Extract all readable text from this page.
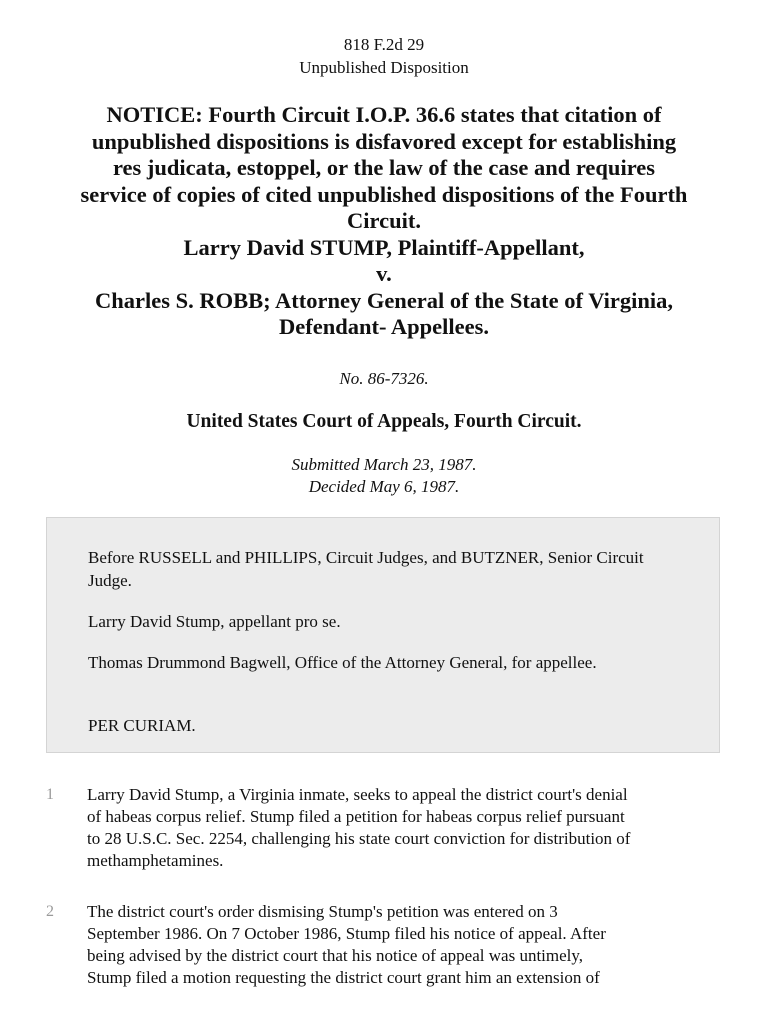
818 F.2d 29
Unpublished Disposition
NOTICE: Fourth Circuit I.O.P. 36.6 states that citation of
unpublished dispositions is disfavored except for establishing
res judicata, estoppel, or the law of the case and requires
service of copies of cited unpublished dispositions of the Fourth
Circuit.
Larry David STUMP, Plaintiff-Appellant,
v.
Charles S. ROBB; Attorney General of the State of Virginia,
Defendant- Appellees.
No. 86-7326.
United States Court of Appeals, Fourth Circuit.
Submitted March 23, 1987.
Decided May 6, 1987.

Before RUSSELL and PHILLIPS, Circuit Judges, and BUTZNER, Senior Circuit Judge.

Larry David Stump, appellant pro se.

Thomas Drummond Bagwell, Office of the Attorney General, for appellee.

PER CURIAM.

1 Larry David Stump, a Virginia inmate, seeks to appeal the district court's denial
of habeas corpus relief. Stump filed a petition for habeas corpus relief pursuant
to 28 U.S.C. Sec. 2254, challenging his state court conviction for distribution of
methamphetamines.
2 The district court's order dismising Stump's petition was entered on 3
September 1986. On 7 October 1986, Stump filed his notice of appeal. After
being advised by the district court that his notice of appeal was untimely,
Stump filed a motion requesting the district court grant him an extension of
